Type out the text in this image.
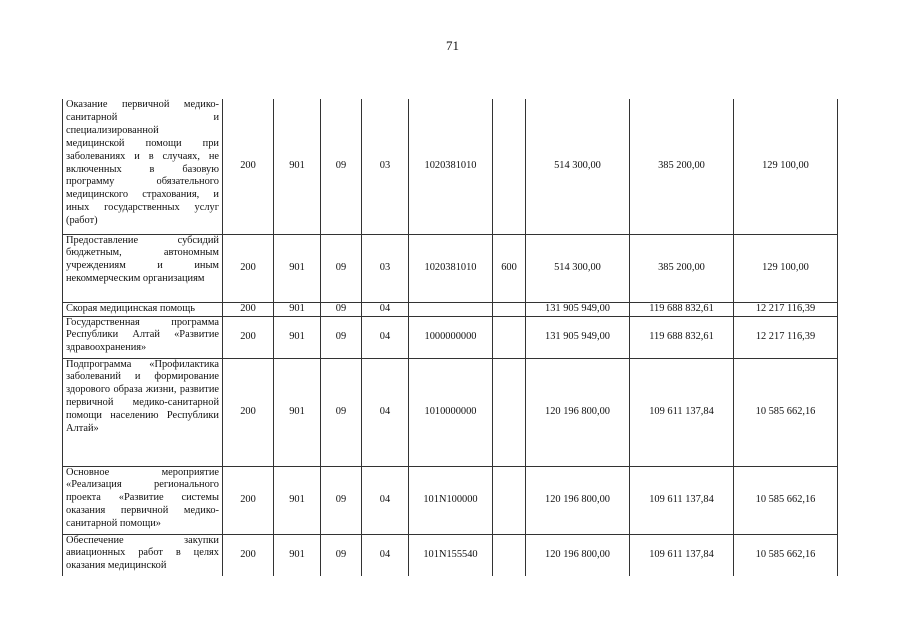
71
Оказание первичной медико-санитарной и специализированной медицинской помощи при заболеваниях и в случаях, не включенных в базовую программу обязательного медицинского страхования, и иных государственных услуг (работ)	200	901	09	03	1020381010		514 300,00	385 200,00	129 100,00
Предоставление субсидий бюджетным, автономным учреждениям и иным некоммерческим организациям	200	901	09	03	1020381010	600	514 300,00	385 200,00	129 100,00
Скорая медицинская помощь	200	901	09	04			131 905 949,00	119 688 832,61	12 217 116,39
Государственная программа Республики Алтай «Развитие здравоохранения»	200	901	09	04	1000000000		131 905 949,00	119 688 832,61	12 217 116,39
Подпрограмма «Профилактика заболеваний и формирование здорового образа жизни, развитие первичной медико-санитарной помощи населению Республики Алтай»	200	901	09	04	1010000000		120 196 800,00	109 611 137,84	10 585 662,16
Основное мероприятие «Реализация регионального проекта «Развитие системы оказания первичной медико-санитарной помощи»	200	901	09	04	101N100000		120 196 800,00	109 611 137,84	10 585 662,16
Обеспечение закупки авиационных работ в целях оказания медицинской	200	901	09	04	101N155540		120 196 800,00	109 611 137,84	10 585 662,16
